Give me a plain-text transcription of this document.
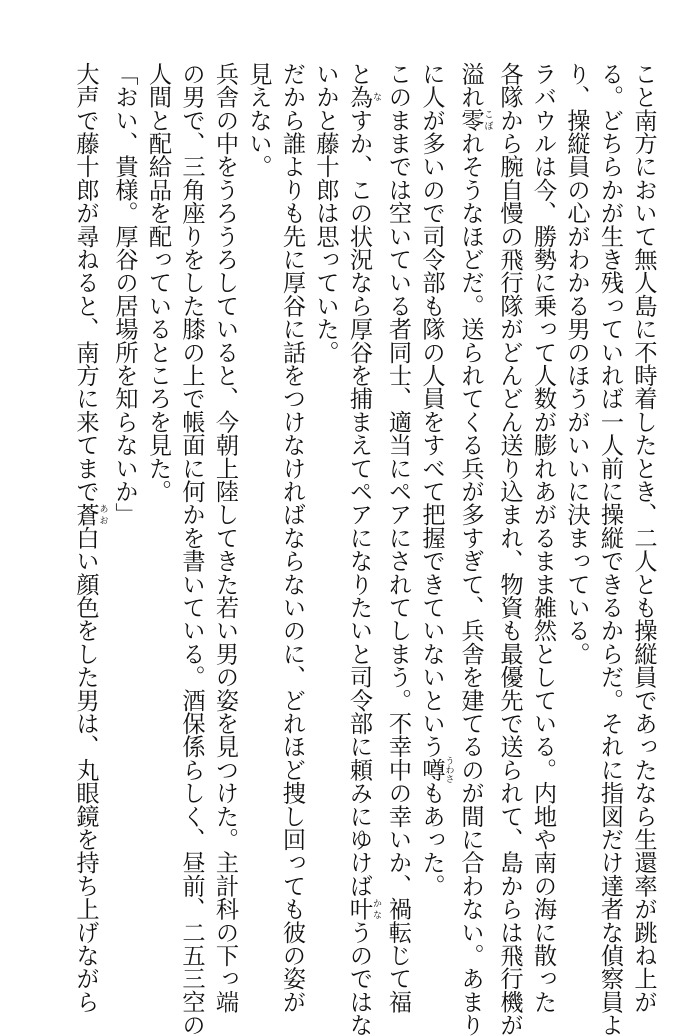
こと南方において無人島に不時着したとき、二人とも操縦員であったなら生還率が跳ね上が
る。どちらかが生き残っていれば一人前に操縦できるからだ。それに指図だけ達者な偵察員よ
り、操縦員の心がわかる男のほうがいいに決まっている。
ラバウルは今、勝勢に乗って人数が膨れあがるまま雑然としている。内地や南の海に散った
各隊から腕自慢の飛行隊がどんどん送り込まれ、物資も最優先で送られて、島からは飛行機が
溢れ零こぼれそうなほどだ。送られてくる兵が多すぎて、兵舎を建てるのが間に合わない。あまり
に人が多いので司令部も隊の人員をすべて把握できていないという噂うわさもあった。
このままでは空いている者同士、適当にペアにされてしまう。不幸中の幸いか、禍転じて福
と為なすか、この状況なら厚谷を捕まえてペアになりたいと司令部に頼みにゆけば叶かなうのではな
いかと藤十郎は思っていた。
だから誰よりも先に厚谷に話をつけなければならないのに、どれほど捜し回っても彼の姿が
見えない。
兵舎の中をうろうろしていると、今朝上陸してきた若い男の姿を見つけた。主計科の下っ端
の男で、三角座りをした膝の上で帳面に何かを書いている。酒保係らしく、昼前、二五三空の
人間と配給品を配っているところを見た。
「おい、貴様。厚谷の居場所を知らないか」
大声で藤十郎が尋ねると、南方に来てまで蒼あお白い顔色をした男は、丸眼鏡を持ち上げながら
